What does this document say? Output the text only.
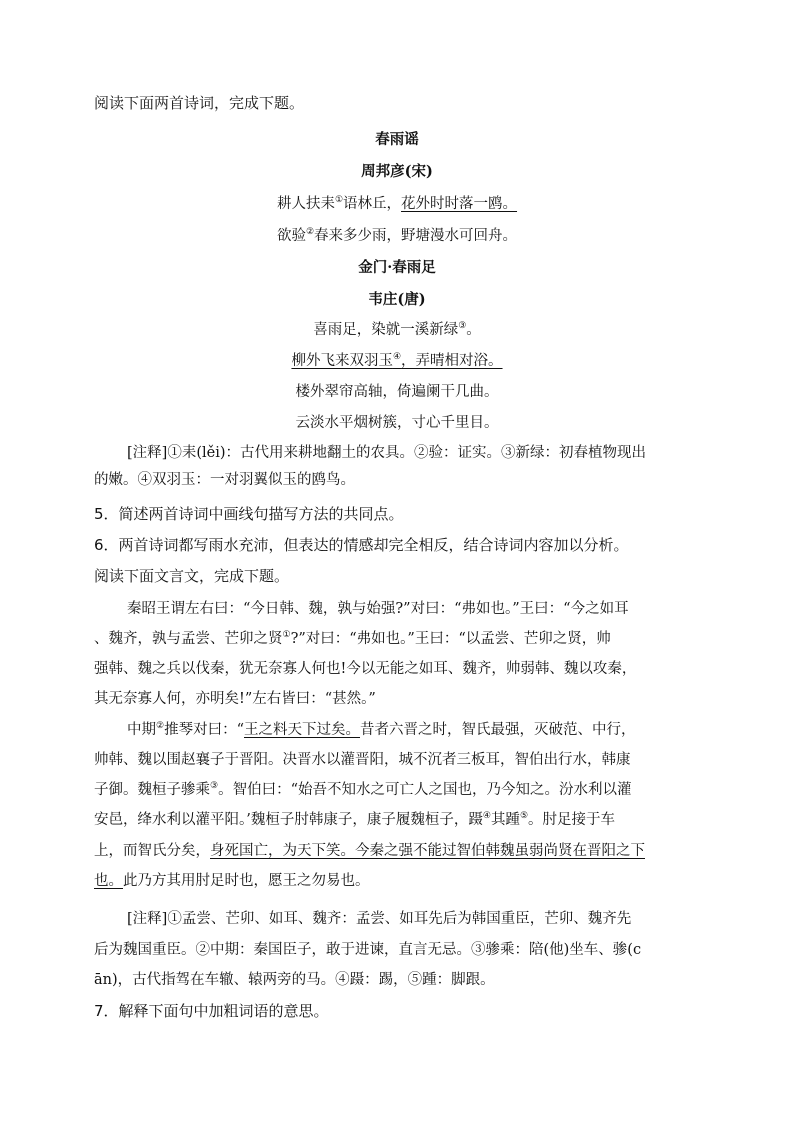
阅读下面两首诗词，完成下题。
春雨谣
周邦彦(宋)
耕人扶耒①语林丘，花外时时落一鸥。
欲验②春来多少雨，野塘漫水可回舟。
金门·春雨足
韦庄(唐)
喜雨足，染就一溪新绿③。
柳外飞来双羽玉④，弄晴相对浴。
楼外翠帘高轴，倚遍阑干几曲。
云淡水平烟树簇，寸心千里目。
[注释]①耒(lěi)：古代用来耕地翻土的农具。②验：证实。③新绿：初春植物现出
的嫩。④双羽玉：一对羽翼似玉的鸥鸟。
5．简述两首诗词中画线句描写方法的共同点。
6．两首诗词都写雨水充沛，但表达的情感却完全相反，结合诗词内容加以分析。
阅读下面文言文，完成下题。
秦昭王谓左右曰：“今日韩、魏，孰与始强?”对曰：“弗如也。”王曰：“今之如耳
、魏齐，孰与孟尝、芒卯之贤①?”对曰：“弗如也。”王曰：“以孟尝、芒卯之贤，帅
强韩、魏之兵以伐秦，犹无奈寡人何也!今以无能之如耳、魏齐，帅弱韩、魏以攻秦，
其无奈寡人何，亦明矣!”左右皆曰：“甚然。”
中期②推琴对曰：“王之料天下过矣。昔者六晋之时，智氏最强，灭破范、中行，
帅韩、魏以围赵襄子于晋阳。决晋水以灌晋阳，城不沉者三板耳，智伯出行水，韩康
子御。魏桓子骖乘③。智伯曰：“始吾不知水之可亡人之国也，乃今知之。汾水利以灌
安邑，绛水利以灌平阳。’魏桓子肘韩康子，康子履魏桓子，蹑④其踵⑤。肘足接于车
上，而智氏分矣，身死国亡，为天下笑。今秦之强不能过智伯韩魏虽弱尚贤在晋阳之下
也。此乃方其用肘足时也，愿王之勿易也。
[注释]①孟尝、芒卯、如耳、魏齐：孟尝、如耳先后为韩国重臣，芒卯、魏齐先
后为魏国重臣。②中期：秦国臣子，敢于进谏，直言无忌。③骖乘：陪(他)坐车、骖(c
ān)，古代指驾在车辙、辕两旁的马。④蹑：踢，⑤踵：脚跟。
7．解释下面句中加粗词语的意思。
